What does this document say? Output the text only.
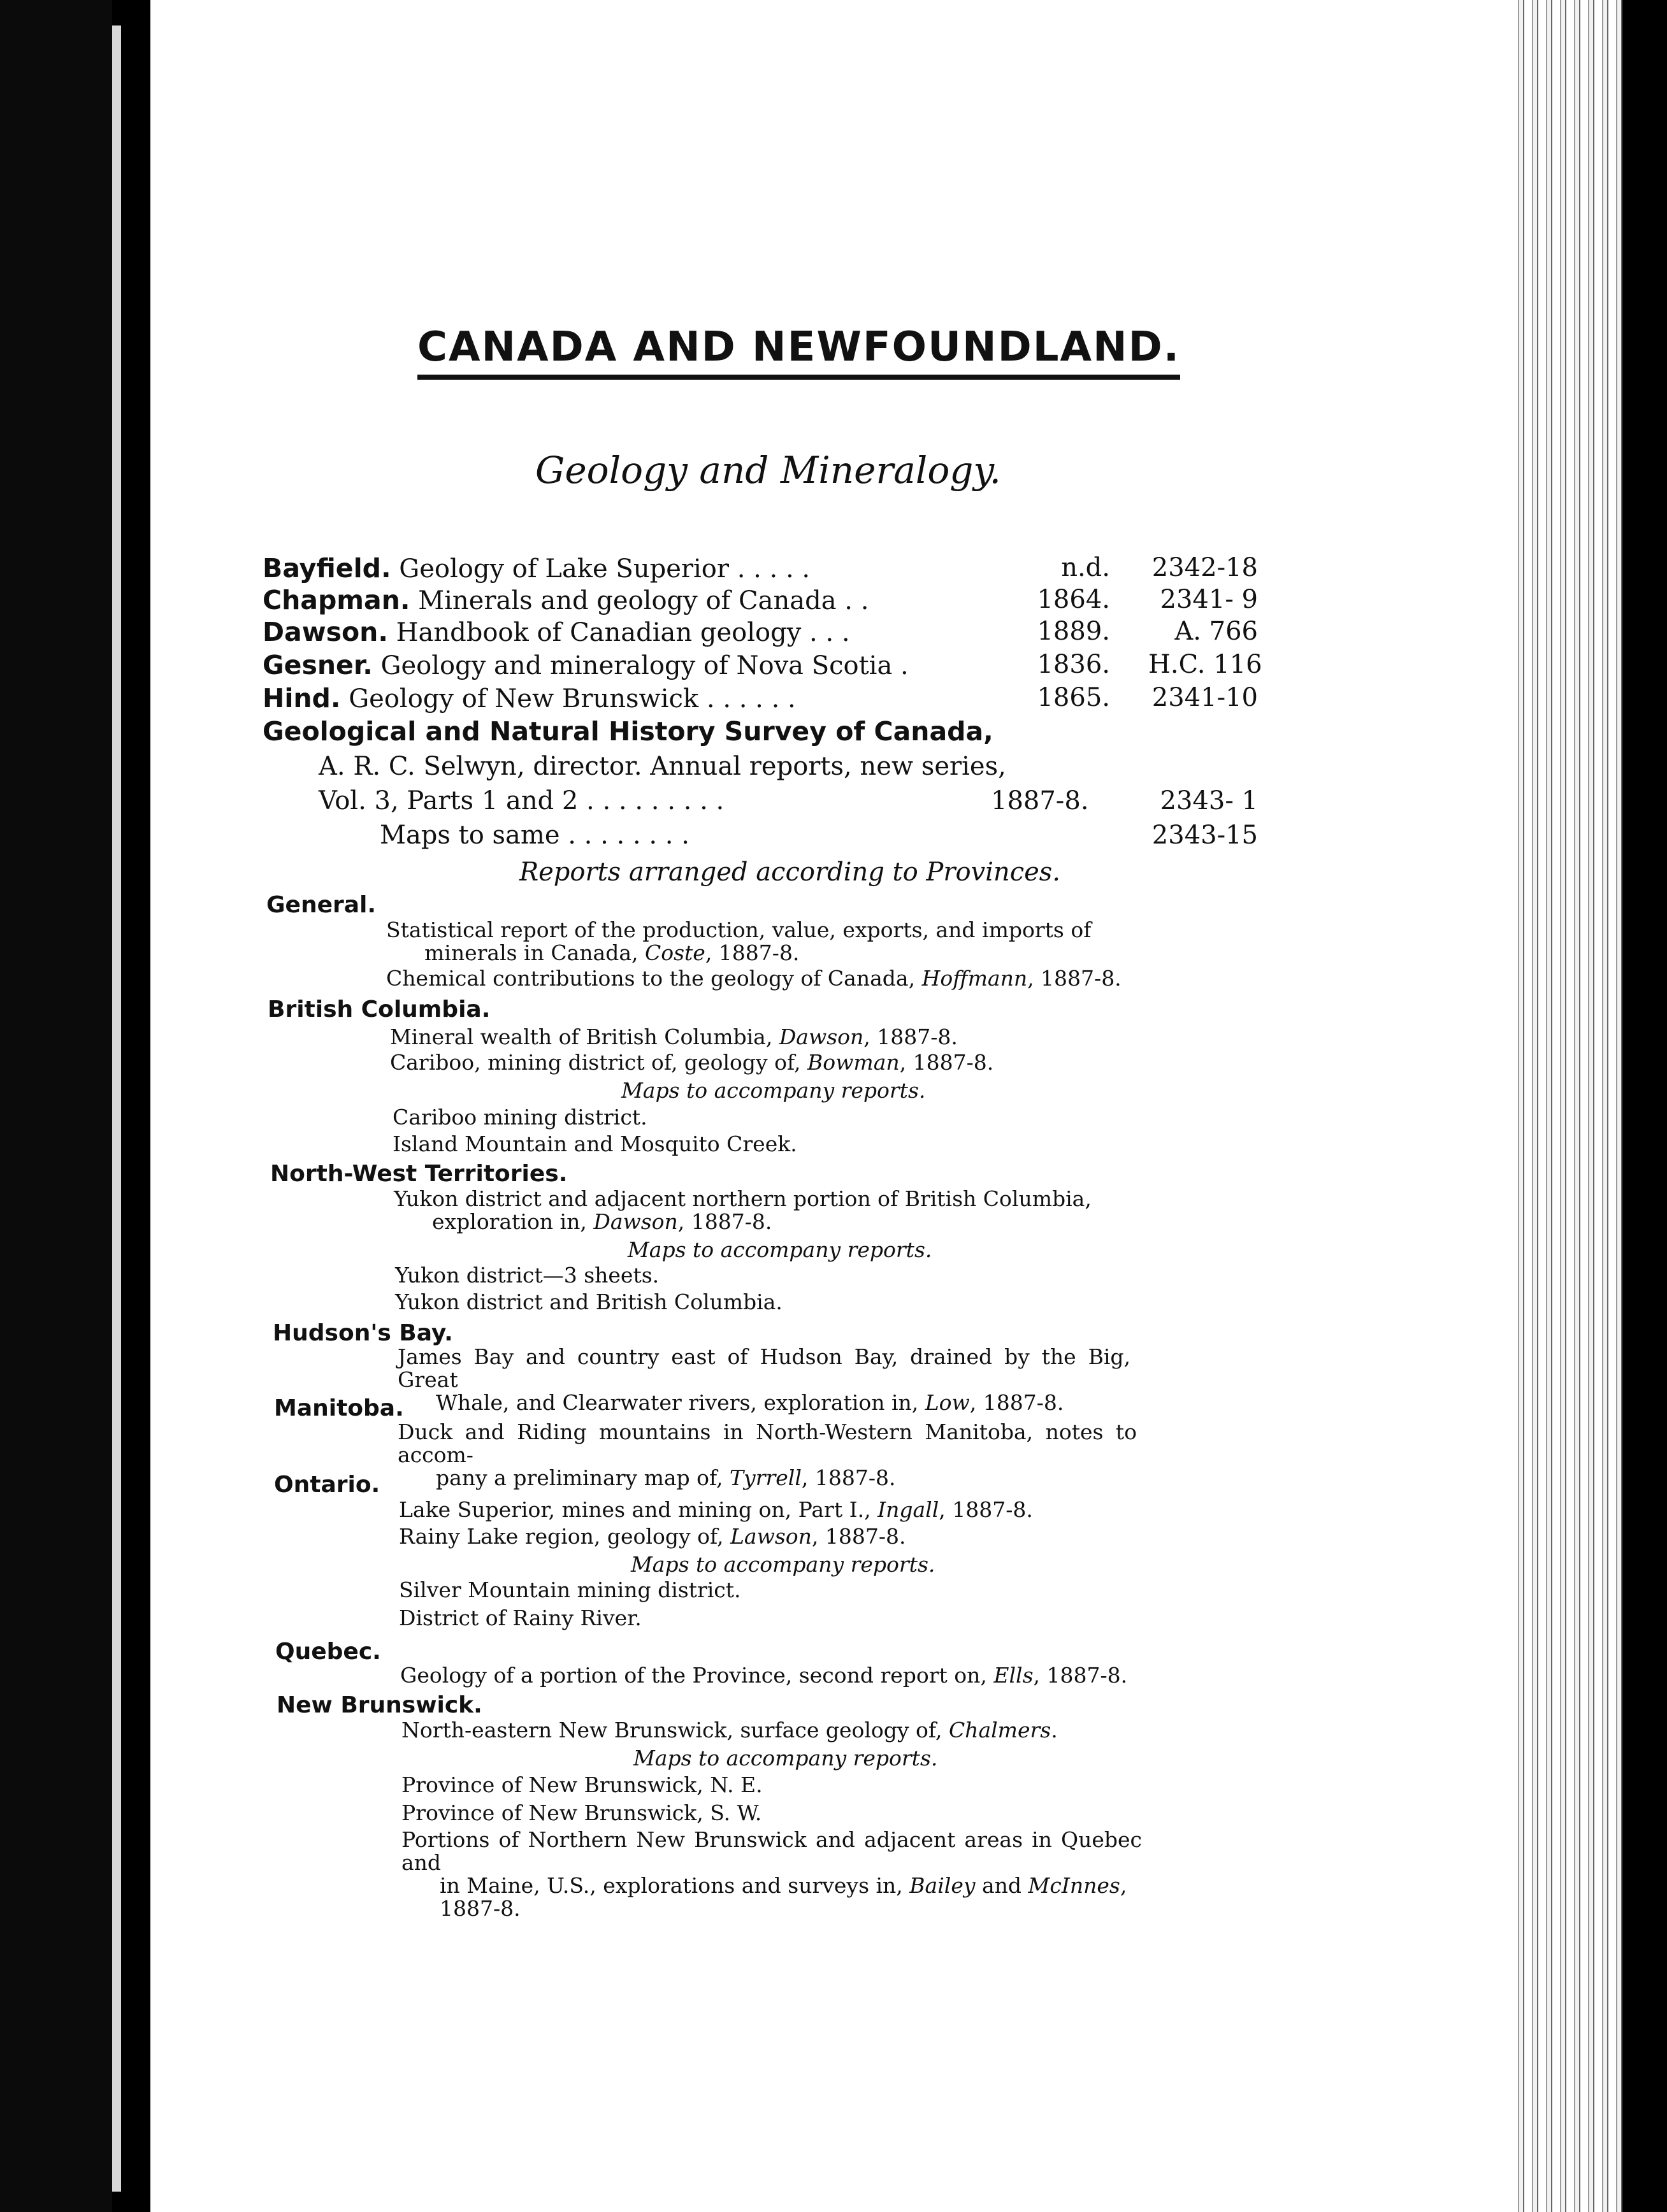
CANADA AND NEWFOUNDLAND.
Geology and Mineralogy.
Bayfield. Geology of Lake Superior . . . . .	n.d. 2342-18
Chapman. Minerals and geology of Canada . .	1864.	2341- 9
Dawson. Handbook of Canadian geology . . .	1889.	A. 766
Gesner. Geology and mineralogy of Nova Scotia .	1836. H.C. 116
Hind. Geology of New Brunswick . . . . . .	1865. 2341-10
Geological and Natural History Survey of Canada,
A. R. C. Selwyn, director. Annual reports, new series,
Vol. 3, Parts 1 and 2 . . . . . . . . .	1887-8.	2343- 1
Maps to same . . . . . . . .	2343-15
Reports arranged according to Provinces.
General.
Statistical report of the production, value, exports, and imports of
minerals in Canada, Coste, 1887-8.
Chemical contributions to the geology of Canada, Hoffmann, 1887-8.
British Columbia.
Mineral wealth of British Columbia, Dawson, 1887-8.
Cariboo, mining district of, geology of, Bowman, 1887-8.
Maps to accompany reports.
Cariboo mining district.
Island Mountain and Mosquito Creek.
North-West Territories.
Yukon district and adjacent northern portion of British Columbia,
exploration in, Dawson, 1887-8.
Maps to accompany reports.
Yukon district—3 sheets.
Yukon district and British Columbia.
Hudson's Bay.
James Bay and country east of Hudson Bay, drained by the Big, Great
Whale, and Clearwater rivers, exploration in, Low, 1887-8.
Manitoba.
Duck and Riding mountains in North-Western Manitoba, notes to accom-
pany a preliminary map of, Tyrrell, 1887-8.
Ontario.
Lake Superior, mines and mining on, Part I., Ingall, 1887-8.
Rainy Lake region, geology of, Lawson, 1887-8.
Maps to accompany reports.
Silver Mountain mining district.
District of Rainy River.
Quebec.
Geology of a portion of the Province, second report on, Ells, 1887-8.
New Brunswick.
North-eastern New Brunswick, surface geology of, Chalmers.
Maps to accompany reports.
Province of New Brunswick, N. E.
Province of New Brunswick, S. W.
Portions of Northern New Brunswick and adjacent areas in Quebec and
in Maine, U.S., explorations and surveys in, Bailey and McInnes,
1887-8.
